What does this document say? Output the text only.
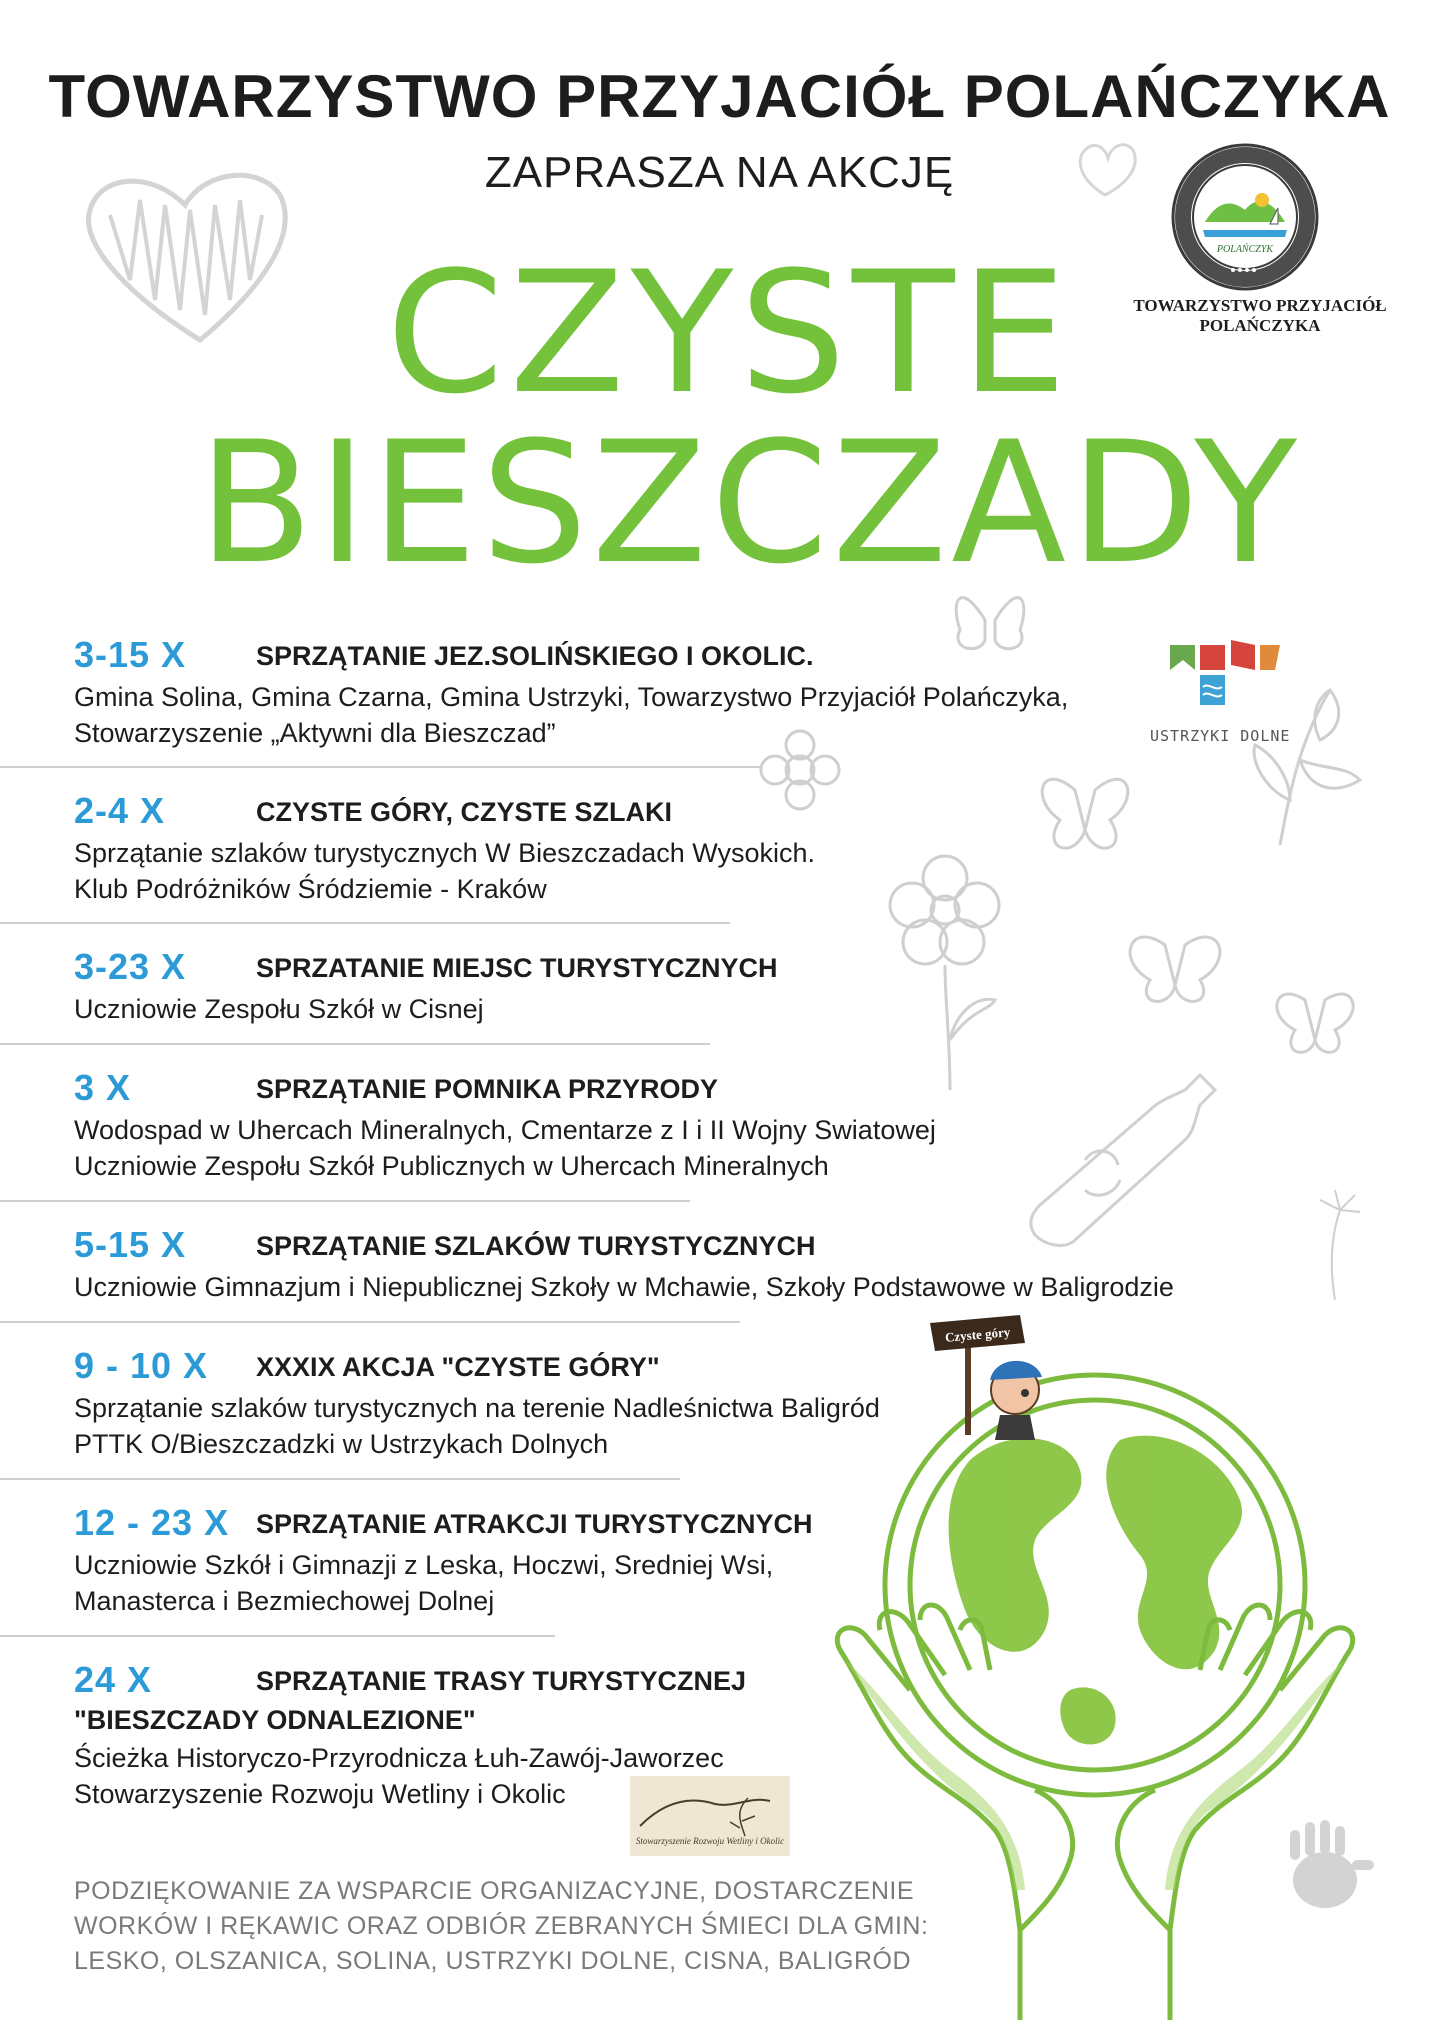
TOWARZYSTWO PRZYJACIÓŁ POLAŃCZYKA
ZAPRASZA NA AKCJĘ
CZYSTE
BIESZCZADY
POLAŃCZYK
TOWARZYSTWO PRZYJACIÓŁ
POLAŃCZYKA
USTRZYKI DOLNE
3-15 X	SPRZĄTANIE JEZ.SOLIŃSKIEGO I OKOLIC.
Gmina Solina, Gmina Czarna, Gmina Ustrzyki, Towarzystwo Przyjaciół Polańczyka,
Stowarzyszenie „Aktywni dla Bieszczad”
2-4 X	CZYSTE GÓRY, CZYSTE SZLAKI
Sprzątanie szlaków turystycznych W Bieszczadach Wysokich.
Klub Podróżników Śródziemie - Kraków
3-23 X	SPRZATANIE MIEJSC TURYSTYCZNYCH
Uczniowie Zespołu Szkół w Cisnej
3 X	SPRZĄTANIE POMNIKA PRZYRODY
Wodospad w Uhercach Mineralnych, Cmentarze z I i II Wojny Swiatowej
Uczniowie Zespołu Szkół Publicznych w Uhercach Mineralnych
5-15 X	SPRZĄTANIE SZLAKÓW TURYSTYCZNYCH
Uczniowie Gimnazjum i Niepublicznej Szkoły w Mchawie, Szkoły Podstawowe w Baligrodzie
9 - 10 X XXXIX AKCJA "CZYSTE GÓRY"
Sprzątanie szlaków turystycznych na terenie Nadleśnictwa Baligród
PTTK O/Bieszczadzki w Ustrzykach Dolnych
12 - 23 X SPRZĄTANIE ATRAKCJI TURYSTYCZNYCH
Uczniowie Szkół i Gimnazji z Leska, Hoczwi, Sredniej Wsi,
Manasterca i Bezmiechowej Dolnej
24 X	SPRZĄTANIE TRASY TURYSTYCZNEJ
"BIESZCZADY ODNALEZIONE"
Ścieżka Historyczo-Przyrodnicza Łuh-Zawój-Jaworzec
Stowarzyszenie Rozwoju Wetliny i Okolic
Stowarzyszenie Rozwoju Wetliny i Okolic
Czyste góry
PODZIĘKOWANIE ZA WSPARCIE ORGANIZACYJNE, DOSTARCZENIE
WORKÓW I RĘKAWIC ORAZ ODBIÓR ZEBRANYCH ŚMIECI DLA GMIN:
LESKO, OLSZANICA, SOLINA, USTRZYKI DOLNE, CISNA, BALIGRÓD
